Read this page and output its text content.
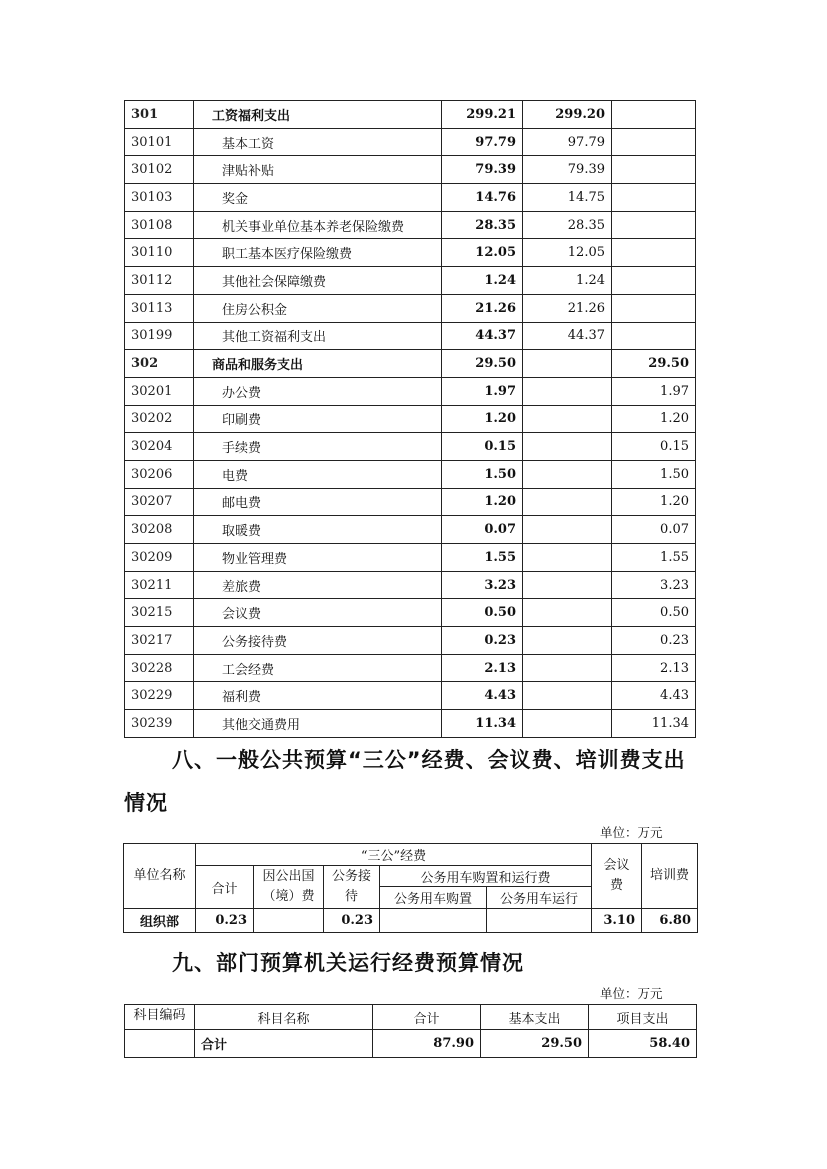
301	工资福利支出	299.21	299.20	
30101	基本工资	97.79	97.79	
30102	津贴补贴	79.39	79.39	
30103	奖金	14.76	14.75	
30108	机关事业单位基本养老保险缴费	28.35	28.35	
30110	职工基本医疗保险缴费	12.05	12.05	
30112	其他社会保障缴费	1.24	1.24	
30113	住房公积金	21.26	21.26	
30199	其他工资福利支出	44.37	44.37	
302	商品和服务支出	29.50		29.50
30201	办公费	1.97		1.97
30202	印刷费	1.20		1.20
30204	手续费	0.15		0.15
30206	电费	1.50		1.50
30207	邮电费	1.20		1.20
30208	取暖费	0.07		0.07
30209	物业管理费	1.55		1.55
30211	差旅费	3.23		3.23
30215	会议费	0.50		0.50
30217	公务接待费	0.23		0.23
30228	工会经费	2.13		2.13
30229	福利费	4.43		4.43
30239	其他交通费用	11.34		11.34
八、一般公共预算“三公”经费、会议费、培训费支出
情况
单位：万元
单位名称	“三公”经费					会议费	培训费
	合计	因公出国（境）费	公务接待	公务用车购置和运行费			
				公务用车购置	公务用车运行		
组织部	0.23		0.23			3.10	6.80
九、部门预算机关运行经费预算情况
单位：万元
科目编码	科目名称	合计	基本支出	项目支出
	合计	87.90	29.50	58.40
